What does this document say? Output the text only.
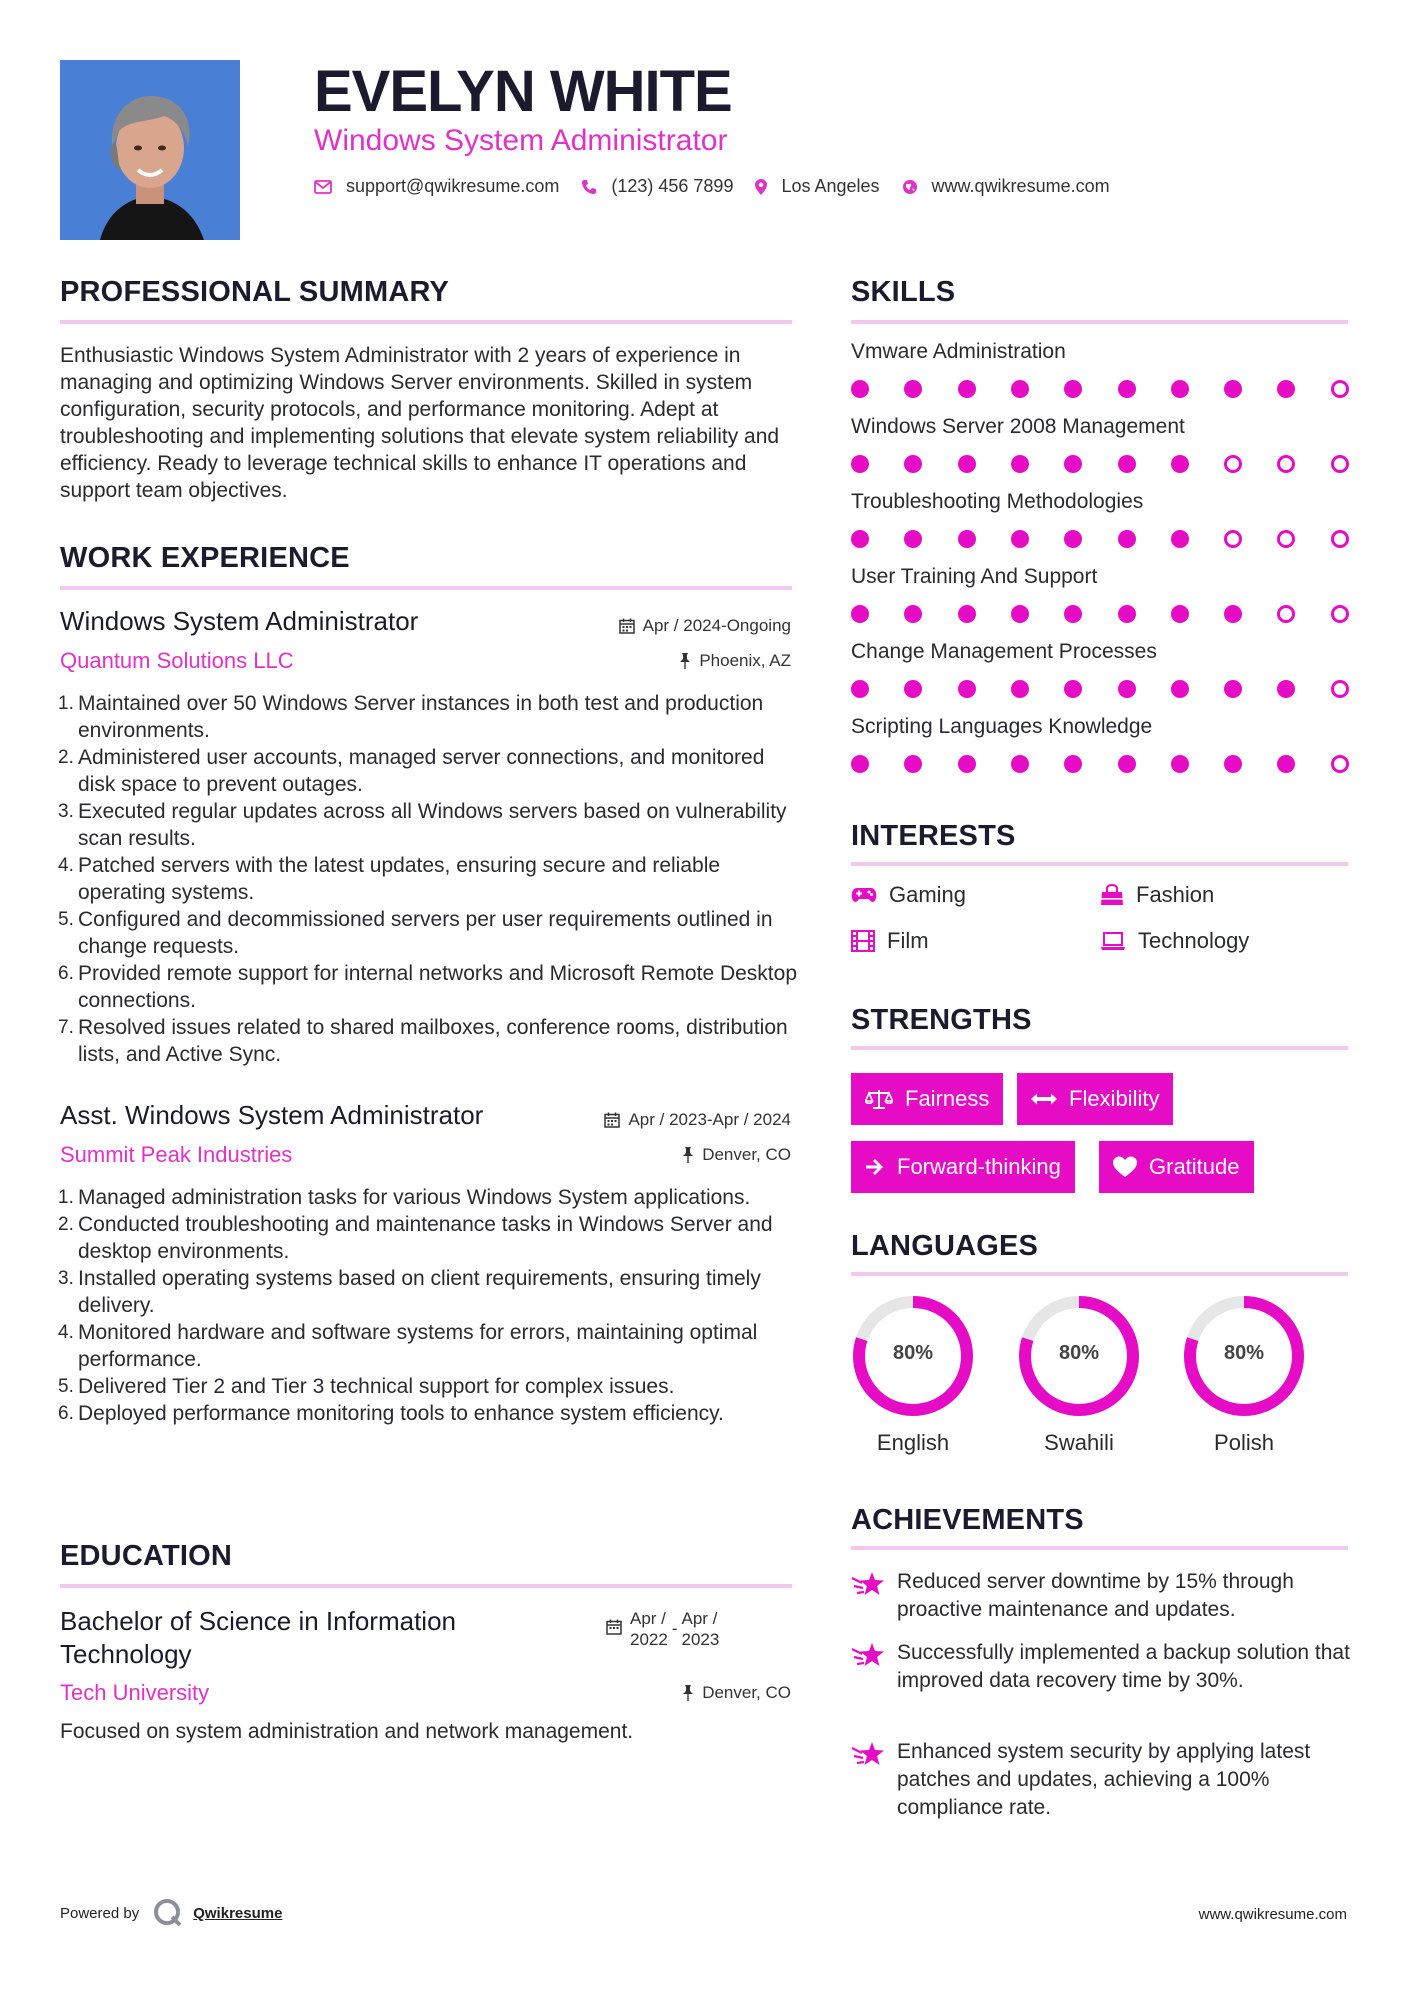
EVELYN WHITE
Windows System Administrator
support@qwikresume.com	(123) 456 7899	Los Angeles	www.qwikresume.com
PROFESSIONAL SUMMARY
Enthusiastic Windows System Administrator with 2 years of experience in managing and optimizing Windows Server environments. Skilled in system configuration, security protocols, and performance monitoring. Adept at troubleshooting and implementing solutions that elevate system reliability and efficiency. Ready to leverage technical skills to enhance IT operations and support team objectives.
WORK EXPERIENCE
Windows System Administrator	Apr / 2024-Ongoing
Quantum Solutions LLC	Phoenix, AZ
1. Maintained over 50 Windows Server instances in both test and production environments.
2. Administered user accounts, managed server connections, and monitored disk space to prevent outages.
3. Executed regular updates across all Windows servers based on vulnerability scan results.
4. Patched servers with the latest updates, ensuring secure and reliable operating systems.
5. Configured and decommissioned servers per user requirements outlined in change requests.
6. Provided remote support for internal networks and Microsoft Remote Desktop connections.
7. Resolved issues related to shared mailboxes, conference rooms, distribution lists, and Active Sync.
Asst. Windows System Administrator	Apr / 2023-Apr / 2024
Summit Peak Industries	Denver, CO
1. Managed administration tasks for various Windows System applications.
2. Conducted troubleshooting and maintenance tasks in Windows Server and desktop environments.
3. Installed operating systems based on client requirements, ensuring timely delivery.
4. Monitored hardware and software systems for errors, maintaining optimal performance.
5. Delivered Tier 2 and Tier 3 technical support for complex issues.
6. Deployed performance monitoring tools to enhance system efficiency.
EDUCATION
Bachelor of Science in Information
Technology
Apr /
2022
-
Apr /
2023
Tech University	Denver, CO
Focused on system administration and network management.
SKILLS
Vmware Administration
Windows Server 2008 Management
Troubleshooting Methodologies
User Training And Support
Change Management Processes
Scripting Languages Knowledge
INTERESTS
Gaming	Fashion
Film	Technology
STRENGTHS
Fairness	Flexibility
Forward-thinking	Gratitude
LANGUAGES
80%
English
80%
Swahili
80%
Polish
ACHIEVEMENTS
Reduced server downtime by 15% through proactive maintenance and updates.
Successfully implemented a backup solution that improved data recovery time by 30%.
Enhanced system security by applying latest patches and updates, achieving a 100% compliance rate.
Powered by	Qwikresume	www.qwikresume.com
